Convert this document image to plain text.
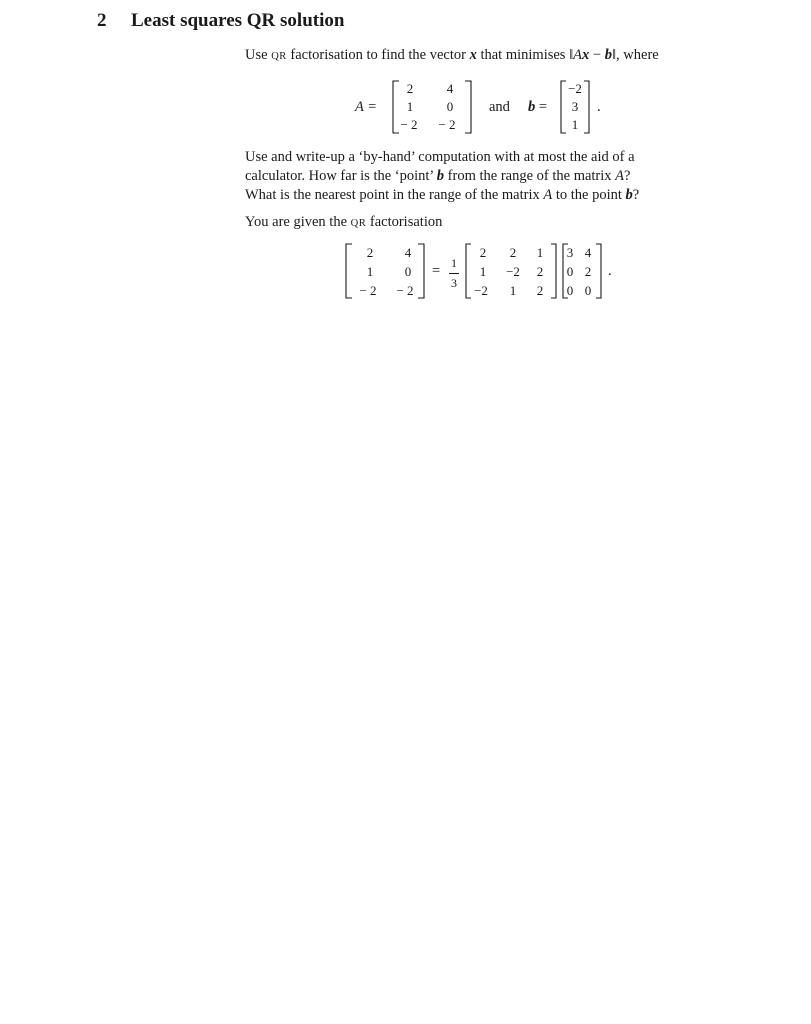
2 Least squares QR solution
Use QR factorisation to find the vector x that minimises ‖Ax − b‖, where
A =
2	4
1	0
− 2	− 2
and b =
−2
3
1
.
Use and write-up a ‘by-hand’ computation with at most the aid of a
calculator. How far is the ‘point’ b from the range of the matrix A?
What is the nearest point in the range of the matrix A to the point b?
You are given the QR factorisation
2	4
1	0
− 2	− 2
= 1
3
2	2	1
1	−2	2
−2	1	2
3 4
0 2
0 0
.
